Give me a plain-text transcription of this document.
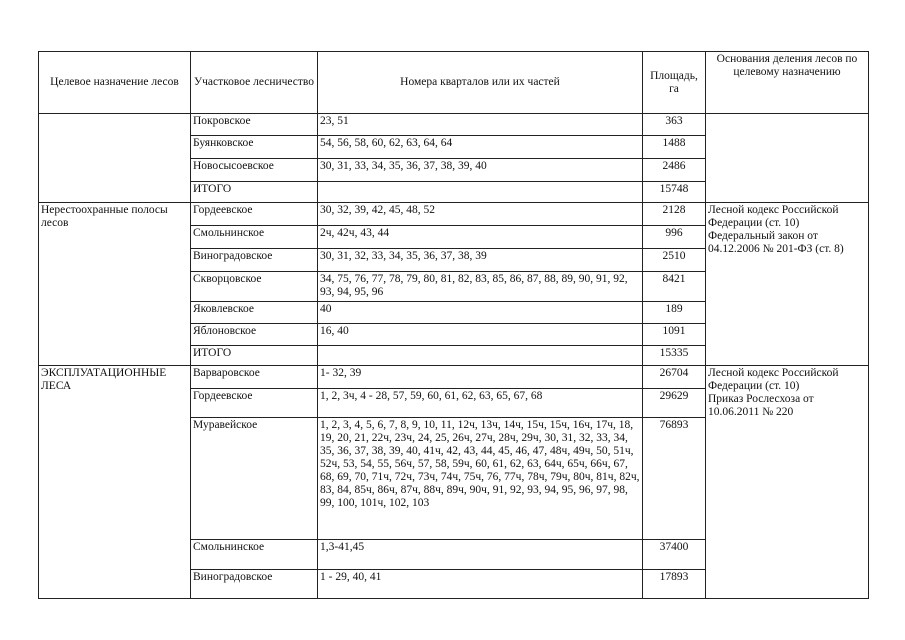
Целевое назначение лесов	Участковое лесничество	Номера кварталов или их частей	Площадь, га	Основания деления лесов по целевому назначению
	Покровское	23, 51	363	
	Буянковское	54, 56, 58, 60, 62, 63, 64, 64	1488	
	Новосысоевское	30, 31, 33, 34, 35, 36, 37, 38, 39, 40	2486	
	ИТОГО		15748	
Нерестоохранные полосы лесов	Гордеевское	30, 32, 39, 42, 45, 48, 52	2128	Лесной кодекс Российской Федерации (ст. 10)
Федеральный закон от 04.12.2006 № 201-ФЗ (ст. 8)

	Смольнинское	2ч, 42ч, 43, 44	996	
	Виноградовское	30, 31, 32, 33, 34, 35, 36, 37, 38, 39	2510	
	Скворцовское	34, 75, 76, 77, 78, 79, 80, 81, 82, 83, 85, 86, 87, 88, 89, 90, 91, 92, 93, 94, 95, 96	8421	
	Яковлевское	40	189	
	Яблоновское	16, 40	1091	
	ИТОГО		15335	
ЭКСПЛУАТАЦИОННЫЕ ЛЕСА	Варваровское	1- 32, 39	26704	Лесной кодекс Российской Федерации (ст. 10)
Приказ Рослесхоза от 10.06.2011 № 220

	Гордеевское	1, 2, 3ч, 4 - 28, 57, 59, 60, 61, 62, 63, 65, 67, 68	29629	
	Муравейское	1, 2, 3, 4, 5, 6, 7, 8, 9, 10, 11, 12ч, 13ч, 14ч, 15ч, 15ч, 16ч, 17ч, 18, 19, 20, 21, 22ч, 23ч, 24, 25, 26ч, 27ч, 28ч, 29ч, 30, 31, 32, 33, 34, 35, 36, 37, 38, 39, 40, 41ч, 42, 43, 44, 45, 46, 47, 48ч, 49ч, 50, 51ч, 52ч, 53, 54, 55, 56ч, 57, 58, 59ч, 60, 61, 62, 63, 64ч, 65ч, 66ч, 67, 68, 69, 70, 71ч, 72ч, 73ч, 74ч, 75ч, 76, 77ч, 78ч, 79ч, 80ч, 81ч, 82ч, 83, 84, 85ч, 86ч, 87ч, 88ч, 89ч, 90ч, 91, 92, 93, 94, 95, 96, 97, 98, 99, 100, 101ч, 102, 103	76893	
	Смольнинское	1,3-41,45	37400	
	Виноградовское	1 - 29, 40, 41	17893	
